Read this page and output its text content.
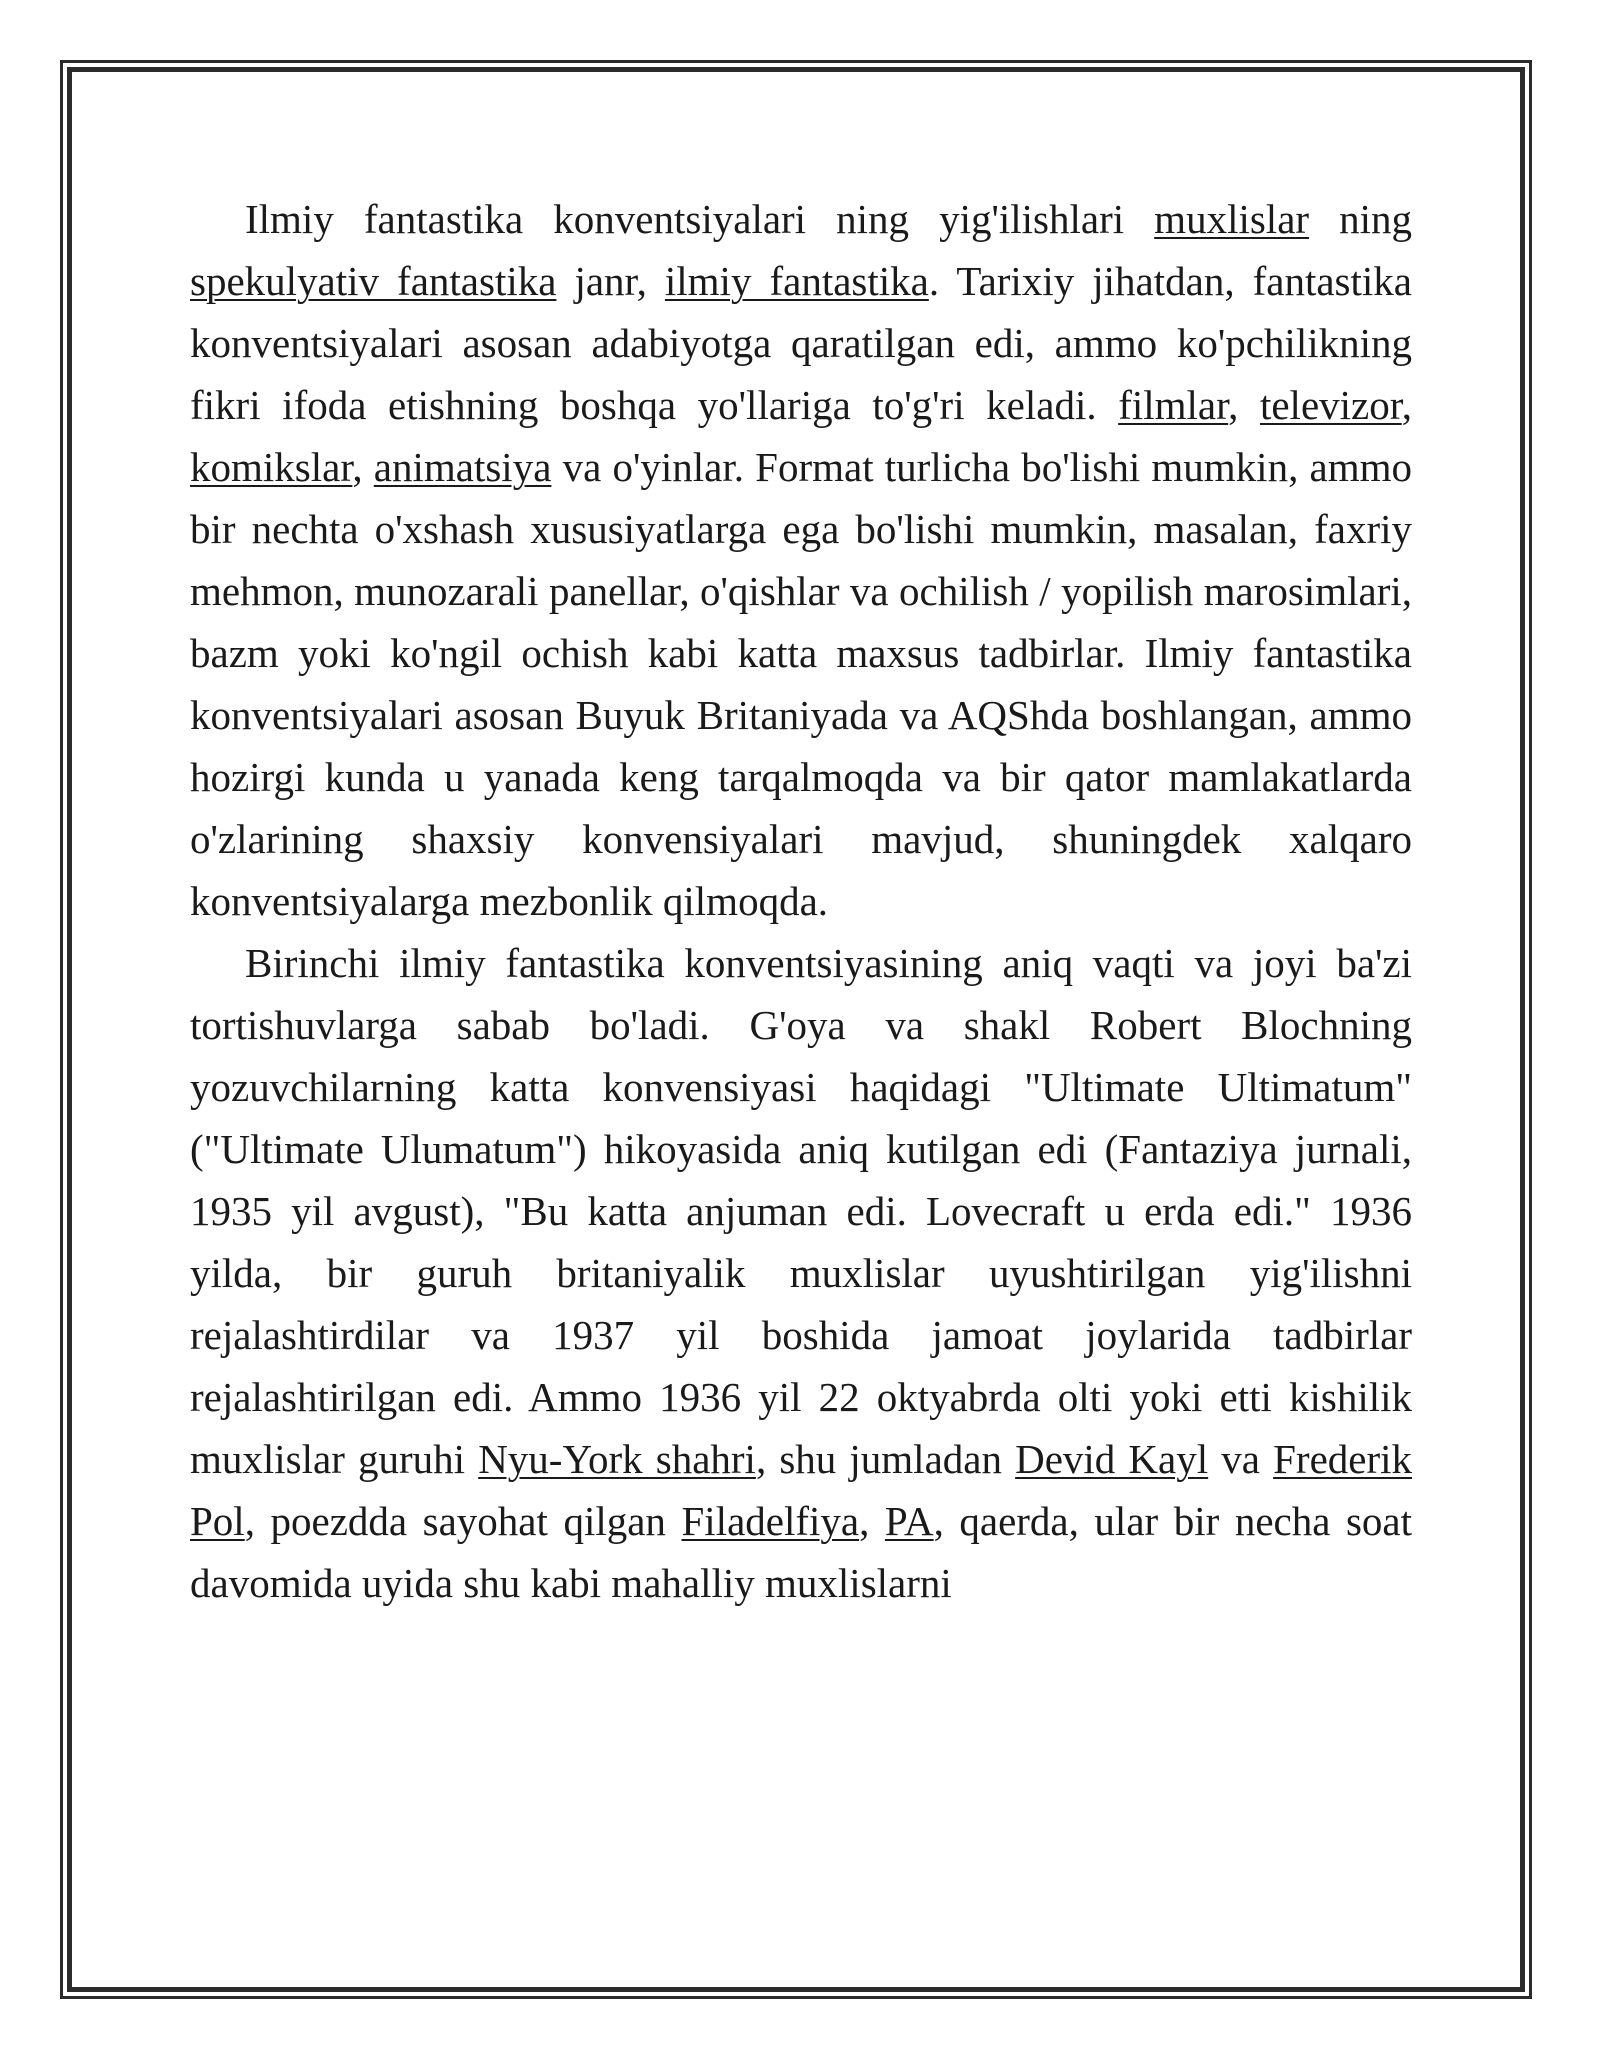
Ilmiy fantastika konventsiyalari ning yig'ilishlari muxlislar ning spekulyativ fantastika janr, ilmiy fantastika. Tarixiy jihatdan, fantastika konventsiyalari asosan adabiyotga qaratilgan edi, ammo ko'pchilikning fikri ifoda etishning boshqa yo'llariga to'g'ri keladi. filmlar, televizor, komikslar, animatsiya va o'yinlar. Format turlicha bo'lishi mumkin, ammo bir nechta o'xshash xususiyatlarga ega bo'lishi mumkin, masalan, faxriy mehmon, munozarali panellar, o'qishlar va ochilish / yopilish marosimlari, bazm yoki ko'ngil ochish kabi katta maxsus tadbirlar. Ilmiy fantastika konventsiyalari asosan Buyuk Britaniyada va AQShda boshlangan, ammo hozirgi kunda u yanada keng tarqalmoqda va bir qator mamlakatlarda o'zlarining shaxsiy konvensiyalari mavjud, shuningdek xalqaro konventsiyalarga mezbonlik qilmoqda.

Birinchi ilmiy fantastika konventsiyasining aniq vaqti va joyi ba'zi tortishuvlarga sabab bo'ladi. G'oya va shakl Robert Blochning yozuvchilarning katta konvensiyasi haqidagi "Ultimate Ultimatum" ("Ultimate Ulumatum") hikoyasida aniq kutilgan edi (Fantaziya jurnali, 1935 yil avgust), "Bu katta anjuman edi. Lovecraft u erda edi." 1936 yilda, bir guruh britaniyalik muxlislar uyushtirilgan yig'ilishni rejalashtirdilar va 1937 yil boshida jamoat joylarida tadbirlar rejalashtirilgan edi. Ammo 1936 yil 22 oktyabrda olti yoki etti kishilik muxlislar guruhi Nyu-York shahri, shu jumladan Devid Kayl va Frederik Pol, poezdda sayohat qilgan Filadelfiya, PA, qaerda, ular bir necha soat davomida uyida shu kabi mahalliy muxlislarni
